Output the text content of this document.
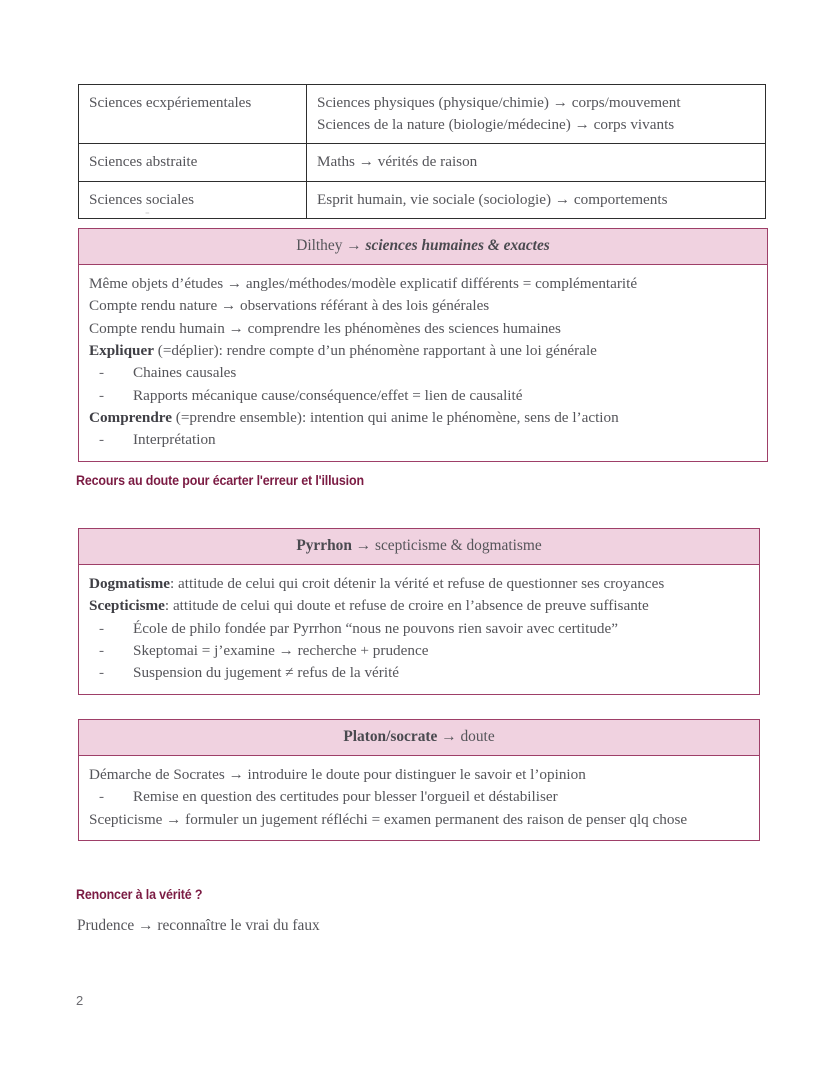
Sciences ecxpériementales	Sciences physiques (physique/chimie) → corps/mouvement
Sciences de la nature (biologie/médecine) → corps vivants

Sciences abstraite	Maths → vérités de raison

Sciences sociales	Esprit humain, vie sociale (sociologie) → comportements
-
Dilthey → sciences humaines & exactes
Même objets d’études → angles/méthodes/modèle explicatif différents = complémentarité
Compte rendu nature → observations référant à des lois générales
Compte rendu humain → comprendre les phénomènes des sciences humaines
Expliquer (=déplier): rendre compte d’un phénomène rapportant à une loi générale
- Chaines causales
- Rapports mécanique cause/conséquence/effet = lien de causalité
Comprendre (=prendre ensemble): intention qui anime le phénomène, sens de l’action
- Interprétation
Recours au doute pour écarter l'erreur et l'illusion
Pyrrhon → scepticisme & dogmatisme
Dogmatisme: attitude de celui qui croit détenir la vérité et refuse de questionner ses croyances
Scepticisme: attitude de celui qui doute et refuse de croire en l’absence de preuve suffisante
- École de philo fondée par Pyrrhon “nous ne pouvons rien savoir avec certitude”
- Skeptomai = j’examine → recherche + prudence
- Suspension du jugement ≠ refus de la vérité
Platon/socrate → doute
Démarche de Socrates → introduire le doute pour distinguer le savoir et l’opinion
- Remise en question des certitudes pour blesser l'orgueil et déstabiliser
Scepticisme → formuler un jugement réfléchi = examen permanent des raison de penser qlq chose
Renoncer à la vérité ?
Prudence → reconnaître le vrai du faux
2
